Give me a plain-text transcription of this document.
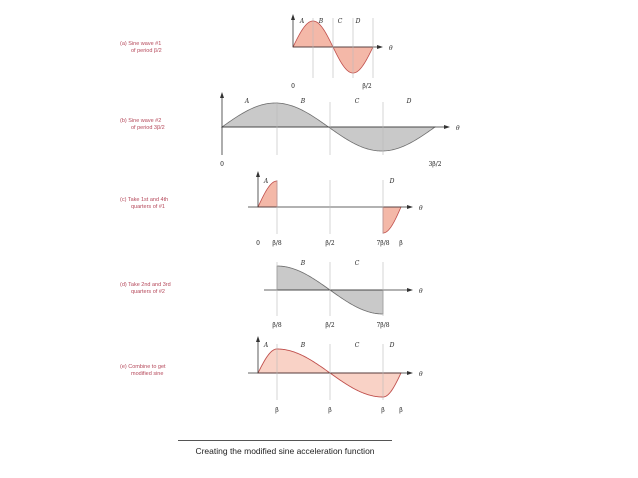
(a) Sine wave #1
of period β/2
(b) Sine wave #2
of period 3β/2
(c) Take 1st and 4th
quarters of #1
(d) Take 2nd and 3rd
quarters of #2
(e) Combine to get
modified sine
A B C D
θ
0	β/2
A	B	C	D
θ
0	3β/2
A	D
θ
0 β/8	β/2	7β/8 β
B	C
θ
β/8	β/2	7β/8
A	B	C	D
θ
β	β	β β
Creating the modified sine acceleration function
